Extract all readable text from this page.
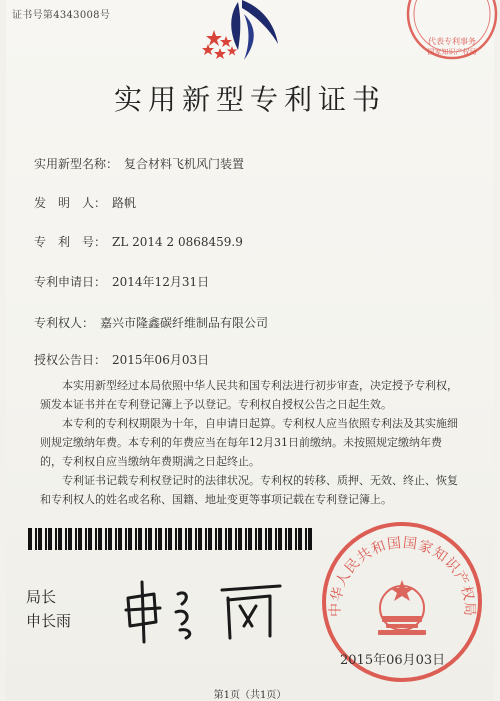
证书号第4343008号
代表专利事务
国家知识产权局
实用新型专利证书
实用新型名称： 复合材料飞机风门装置
发　明　人： 路帆
专　利　号： ZL 2014 2 0868459.9
专利申请日： 2014年12月31日
专利权人： 嘉兴市隆鑫碳纤维制品有限公司
授权公告日： 2015年06月03日

本实用新型经过本局依照中华人民共和国专利法进行初步审查，决定授予专利权，颁发本证书并在专利登记簿上予以登记。专利权自授权公告之日起生效。

本专利的专利权期限为十年，自申请日起算。专利权人应当依照专利法及其实施细则规定缴纳年费。本专利的年费应当在每年12月31日前缴纳。未按照规定缴纳年费的，专利权自应当缴纳年费期满之日起终止。

专利证书记载专利权登记时的法律状况。专利权的转移、质押、无效、终止、恢复和专利权人的姓名或名称、国籍、地址变更等事项记载在专利登记簿上。

局长
申长雨
中华人民共和国国家知识产权局
2015年06月03日
第1页（共1页）
